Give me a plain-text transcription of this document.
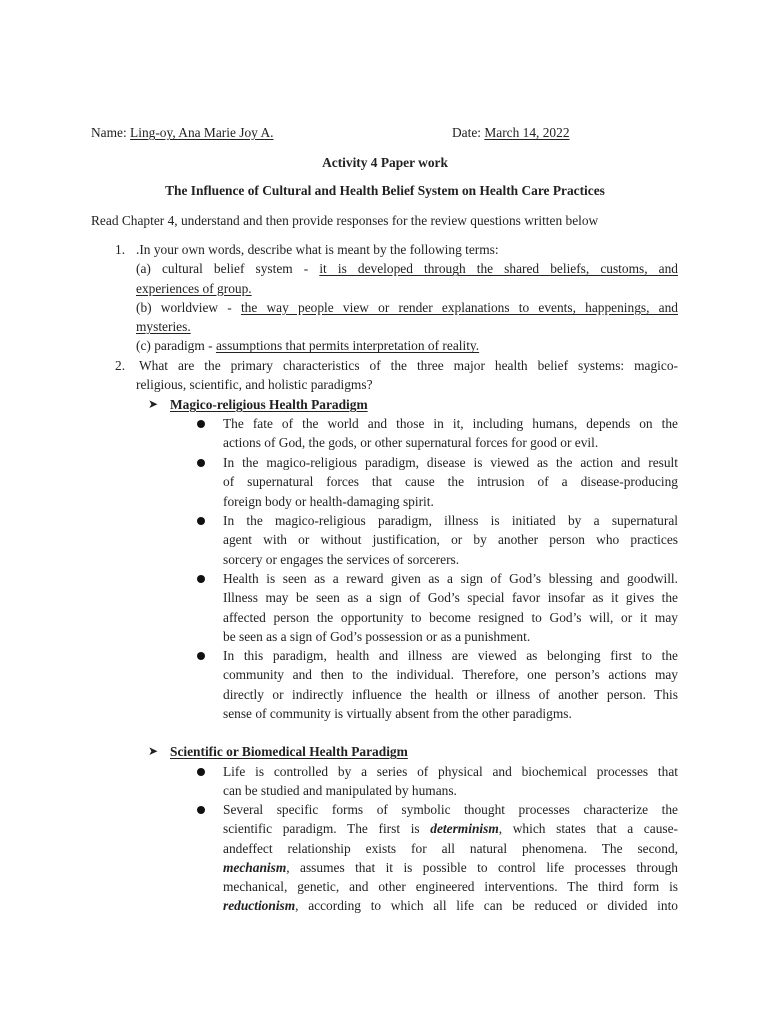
Name: Ling-oy, Ana Marie Joy A.	Date: March 14, 2022
Activity 4 Paper work
The Influence of Cultural and Health Belief System on Health Care Practices
Read Chapter 4, understand and then provide responses for the review questions written below
1. .In your own words, describe what is meant by the following terms:
(a) cultural belief system - it is developed through the shared beliefs, customs, and
experiences of group.
(b) worldview - the way people view or render explanations to events, happenings, and
mysteries.
(c) paradigm - assumptions that permits interpretation of reality.
2. What are the primary characteristics of the three major health belief systems: magico-
religious, scientific, and holistic paradigms?
➤ Magico-religious Health Paradigm
The fate of the world and those in it, including humans, depends on the
actions of God, the gods, or other supernatural forces for good or evil.
In the magico-religious paradigm, disease is viewed as the action and result
of supernatural forces that cause the intrusion of a disease-producing
foreign body or health-damaging spirit.
In the magico-religious paradigm, illness is initiated by a supernatural
agent with or without justification, or by another person who practices
sorcery or engages the services of sorcerers.
Health is seen as a reward given as a sign of God’s blessing and goodwill.
Illness may be seen as a sign of God’s special favor insofar as it gives the
affected person the opportunity to become resigned to God’s will, or it may
be seen as a sign of God’s possession or as a punishment.
In this paradigm, health and illness are viewed as belonging first to the
community and then to the individual. Therefore, one person’s actions may
directly or indirectly influence the health or illness of another person. This
sense of community is virtually absent from the other paradigms.
➤ Scientific or Biomedical Health Paradigm
Life is controlled by a series of physical and biochemical processes that
can be studied and manipulated by humans.
Several specific forms of symbolic thought processes characterize the
scientific paradigm. The first is determinism, which states that a cause-
andeffect relationship exists for all natural phenomena. The second,
mechanism, assumes that it is possible to control life processes through
mechanical, genetic, and other engineered interventions. The third form is
reductionism, according to which all life can be reduced or divided into
